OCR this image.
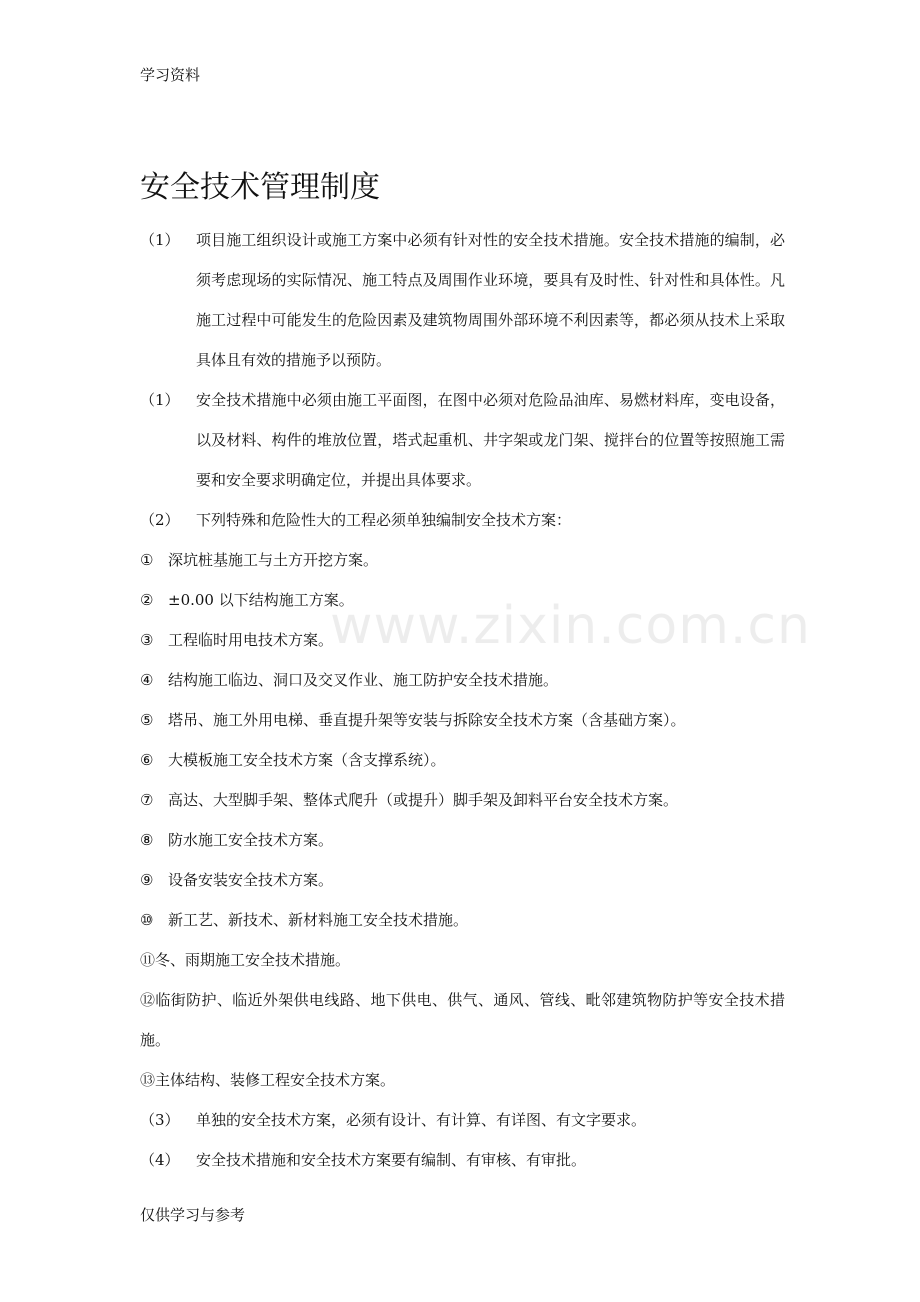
学习资料
安全技术管理制度
（1）	项目施工组织设计或施工方案中必须有针对性的安全技术措施。安全技术措施的编制，必须考虑现场的实际情况、施工特点及周围作业环境，要具有及时性、针对性和具体性。凡施工过程中可能发生的危险因素及建筑物周围外部环境不利因素等，都必须从技术上采取具体且有效的措施予以预防。
（1）	安全技术措施中必须由施工平面图，在图中必须对危险品油库、易燃材料库，变电设备，以及材料、构件的堆放位置，塔式起重机、井字架或龙门架、搅拌台的位置等按照施工需要和安全要求明确定位，并提出具体要求。
（2）	下列特殊和危险性大的工程必须单独编制安全技术方案：
① 深坑桩基施工与土方开挖方案。
② ±0.00 以下结构施工方案。
③ 工程临时用电技术方案。
④ 结构施工临边、洞口及交叉作业、施工防护安全技术措施。
⑤ 塔吊、施工外用电梯、垂直提升架等安装与拆除安全技术方案（含基础方案）。
⑥ 大模板施工安全技术方案（含支撑系统）。
⑦ 高达、大型脚手架、整体式爬升（或提升）脚手架及卸料平台安全技术方案。
⑧ 防水施工安全技术方案。
⑨ 设备安装安全技术方案。
⑩ 新工艺、新技术、新材料施工安全技术措施。
⑪冬、雨期施工安全技术措施。
⑫临街防护、临近外架供电线路、地下供电、供气、通风、管线、毗邻建筑物防护等安全技术措施。
⑬主体结构、装修工程安全技术方案。
（3）	单独的安全技术方案，必须有设计、有计算、有详图、有文字要求。
（4）	安全技术措施和安全技术方案要有编制、有审核、有审批。
www.zixin.com.cn
仅供学习与参考
